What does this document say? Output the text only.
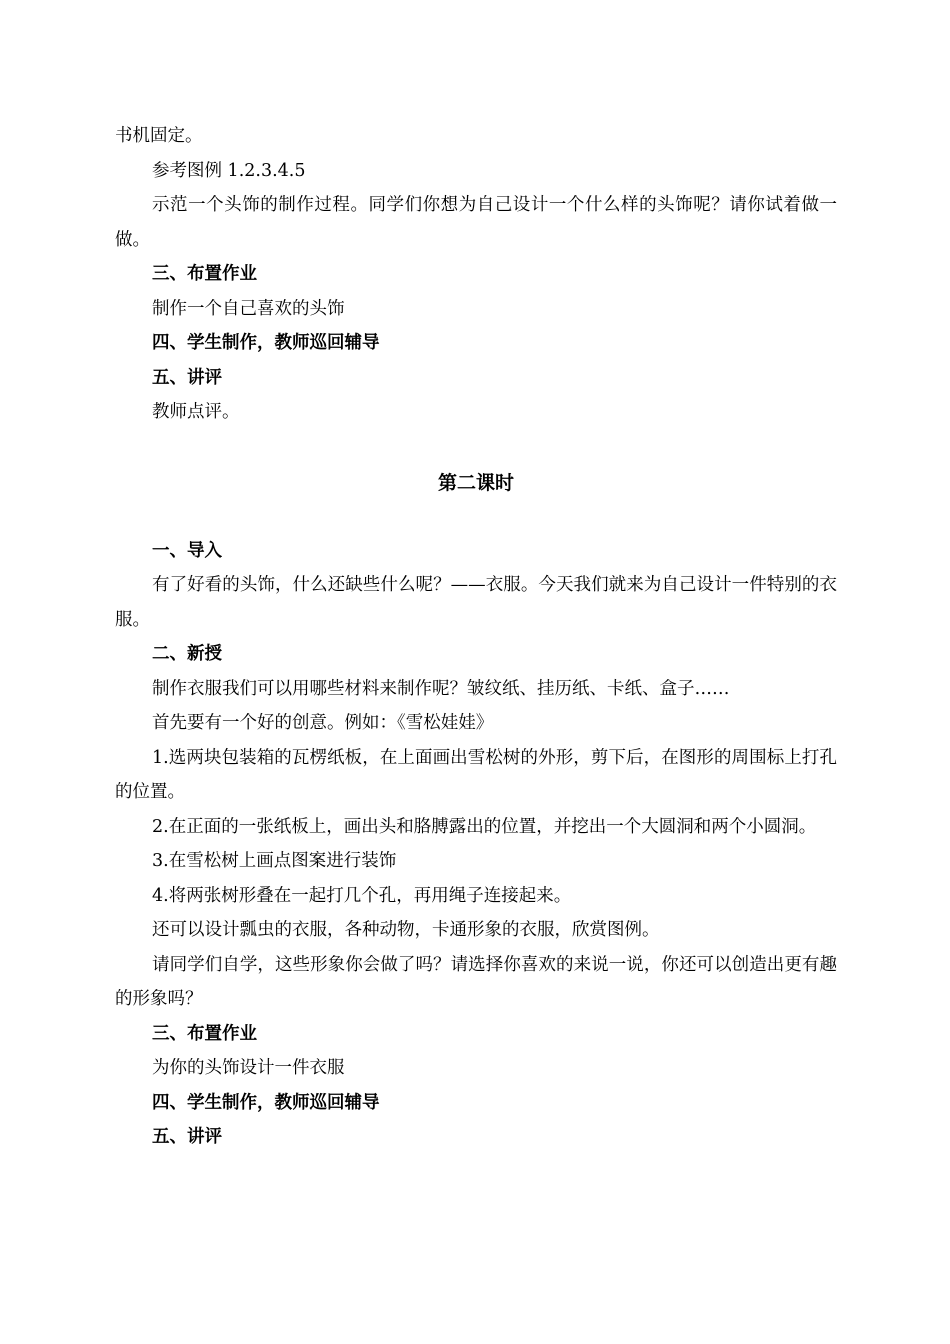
书机固定。

参考图例 1.2.3.4.5

示范一个头饰的制作过程。同学们你想为自己设计一个什么样的头饰呢？请你试着做一做。

三、布置作业

制作一个自己喜欢的头饰

四、学生制作，教师巡回辅导

五、讲评

教师点评。

第二课时

一、导入

有了好看的头饰，什么还缺些什么呢？——衣服。今天我们就来为自己设计一件特别的衣服。

二、新授

制作衣服我们可以用哪些材料来制作呢？皱纹纸、挂历纸、卡纸、盒子……

首先要有一个好的创意。例如：《雪松娃娃》

1.选两块包装箱的瓦楞纸板，在上面画出雪松树的外形，剪下后，在图形的周围标上打孔的位置。

2.在正面的一张纸板上，画出头和胳膊露出的位置，并挖出一个大圆洞和两个小圆洞。

3.在雪松树上画点图案进行装饰

4.将两张树形叠在一起打几个孔，再用绳子连接起来。

还可以设计瓢虫的衣服，各种动物，卡通形象的衣服，欣赏图例。

请同学们自学，这些形象你会做了吗？请选择你喜欢的来说一说，你还可以创造出更有趣的形象吗？

三、布置作业

为你的头饰设计一件衣服

四、学生制作，教师巡回辅导

五、讲评
